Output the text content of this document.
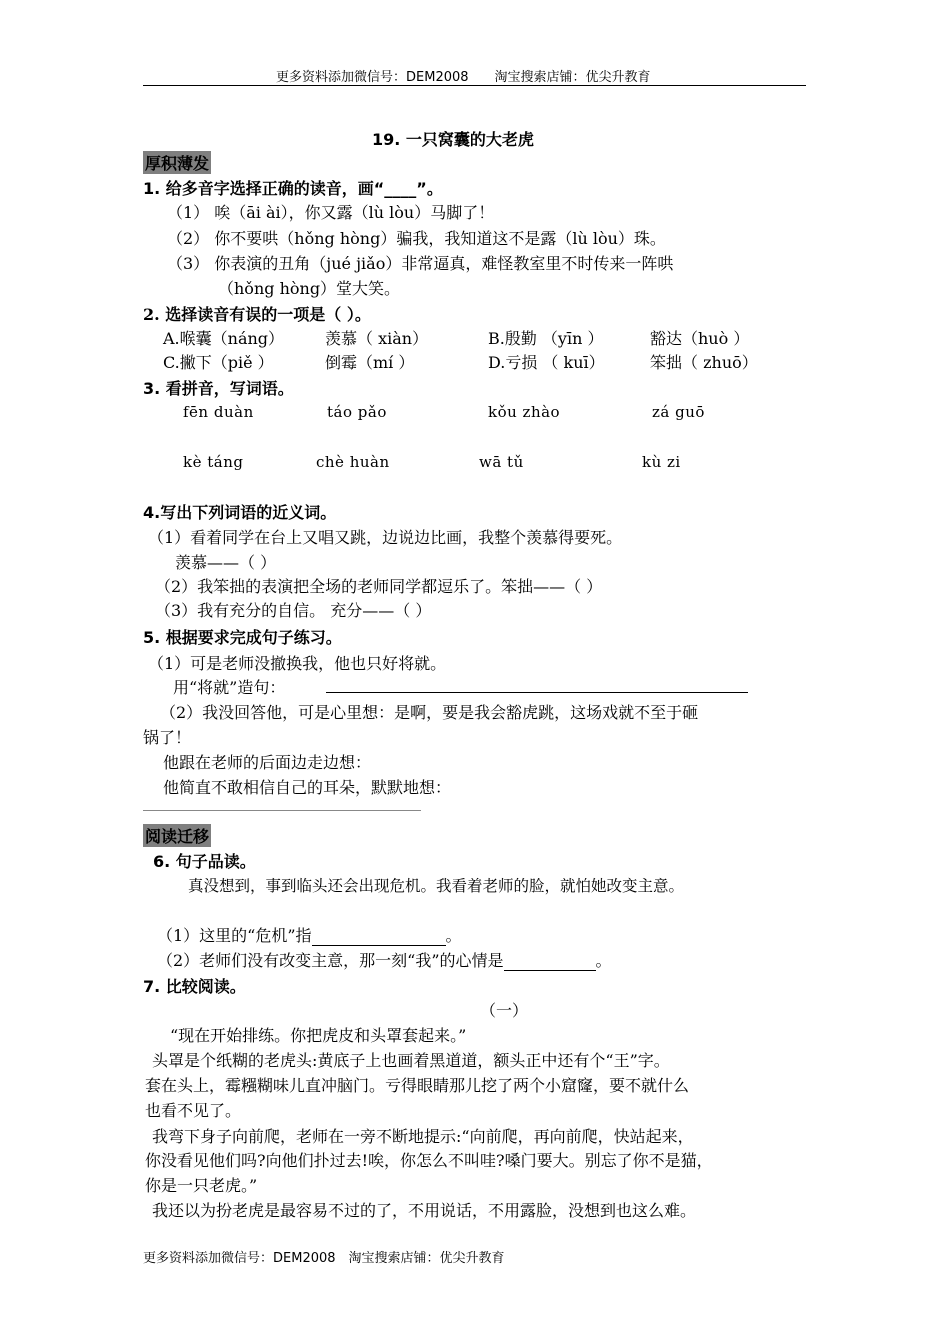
更多资料添加微信号：DEM2008　　淘宝搜索店铺：优尖升教育
19. 一只窝囊的大老虎
厚积薄发
1. 给多音字选择正确的读音，画“____”。
（1） 唉（āi ài），你又露（lù lòu）马脚了！
（2） 你不要哄（hǒng hòng）骗我，我知道这不是露（lù lòu）珠。
（3） 你表演的丑角（jué jiǎo）非常逼真，难怪教室里不时传来一阵哄
（hǒng hòng）堂大笑。
2. 选择读音有误的一项是（ ）。
A.喉囊（náng）	羡慕（ xiàn）	B.殷勤 （yīn ）	豁达（huò ）
C.撇下（piě ）	倒霉（mí ）	D.亏损 （ kuī）	笨拙（ zhuō）
3. 看拼音，写词语。
fēn duàn	táo pǎo	kǒu zhào	zá guō
kè táng	chè huàn	wā tǔ	kù zi
4.写出下列词语的近义词。
（1）看着同学在台上又唱又跳，边说边比画，我整个羡慕得要死。
羡慕——（ ）
（2）我笨拙的表演把全场的老师同学都逗乐了。笨拙——（ ）
（3）我有充分的自信。 充分——（ ）
5. 根据要求完成句子练习。
（1）可是老师没撤换我，他也只好将就。
用“将就”造句：
（2）我没回答他，可是心里想：是啊，要是我会豁虎跳，这场戏就不至于砸
锅了！
他跟在老师的后面边走边想：
他简直不敢相信自己的耳朵，默默地想：
阅读迁移
6. 句子品读。
真没想到，事到临头还会出现危机。我看着老师的脸，就怕她改变主意。
（1）这里的“危机”指	。
（2）老师们没有改变主意，那一刻“我”的心情是	。
7. 比较阅读。
（一）
“现在开始排练。你把虎皮和头罩套起来。”
头罩是个纸糊的老虎头:黄底子上也画着黑道道，额头正中还有个“王”字。
套在头上，霉糨糊味儿直冲脑门。亏得眼睛那儿挖了两个小窟窿，要不就什么
也看不见了。
我弯下身子向前爬，老师在一旁不断地提示:“向前爬，再向前爬，快站起来，
你没看见他们吗?向他们扑过去!唉，你怎么不叫哇?嗓门要大。别忘了你不是猫，
你是一只老虎。”
我还以为扮老虎是最容易不过的了，不用说话，不用露脸，没想到也这么难。
更多资料添加微信号：DEM2008　淘宝搜索店铺：优尖升教育
